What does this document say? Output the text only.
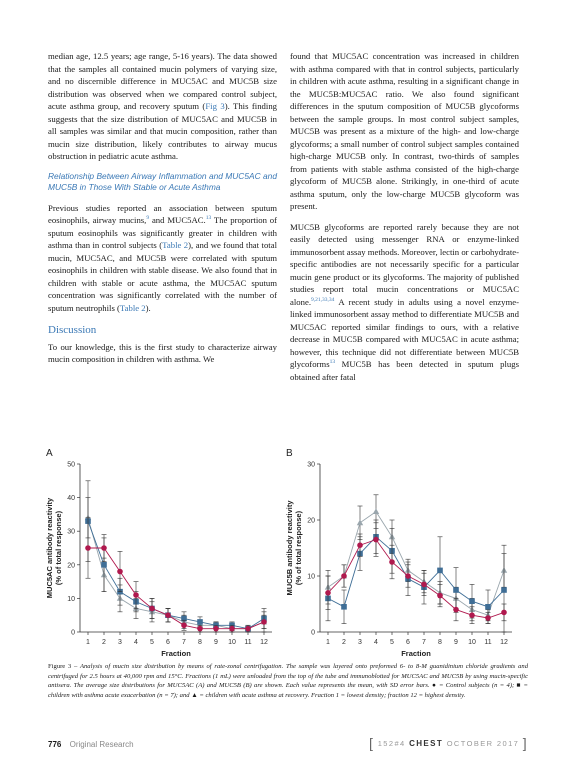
median age, 12.5 years; age range, 5-16 years). The data showed that the samples all contained mucin polymers of varying size, and no discernible difference in MUC5AC and MUC5B size distribution was observed when we compared control subject, acute asthma group, and recovery sputum (Fig 3). This finding suggests that the size distribution of MUC5AC and MUC5B in all samples was similar and that mucin composition, rather than mucin size distribution, likely contributes to airway mucus obstruction in pediatric acute asthma.

Relationship Between Airway Inflammation and MUC5AC and MUC5B in Those With Stable or Acute Asthma

Previous studies reported an association between sputum eosinophils, airway mucins,$^9$ and MUC5AC.$^{13}$ The proportion of sputum eosinophils was significantly greater in children with asthma than in control subjects (Table 2), and we found that total mucin, MUC5AC, and MUC5B were correlated with sputum eosinophils in children with stable disease. We also found that in children with stable or acute asthma, the MUC5AC sputum concentration was significantly correlated with the number of sputum neutrophils (Table 2).

Discussion

To our knowledge, this is the first study to characterize airway mucin composition in children with asthma. We

found that MUC5AC concentration was increased in children with asthma compared with that in control subjects, particularly in children with acute asthma, resulting in a significant change in the MUC5B:MUC5AC ratio. We also found significant differences in the sputum composition of MUC5B glycoforms between the sample groups. In most control subject samples, MUC5B was present as a mixture of the high- and low-charge glycoforms; a small number of control subject samples contained high-charge MUC5B only. In contrast, two-thirds of samples from patients with stable asthma consisted of the high-charge glycoform of MUC5B alone. Strikingly, in one-third of acute asthma sputum, only the low-charge MUC5B glycoform was present.

MUC5B glycoforms are reported rarely because they are not easily detected using messenger RNA or enzyme-linked immunosorbent assay methods. Moreover, lectin or carbohydrate-specific antibodies are not necessarily specific for a particular mucin gene product or its glycoforms. The majority of published studies report total mucin concentrations or MUC5AC alone.$^{9,21,33,34}$ A recent study in adults using a novel enzyme-linked immunosorbent assay method to differentiate MUC5B and MUC5AC reported similar findings to ours, with a relative decrease in MUC5B compared with MUC5AC in acute asthma; however, this technique did not differentiate between MUC5B glycoforms$^{13}$ MUC5B has been detected in sputum plugs obtained after fatal

A
0
10
20
30
40
50
1 2 3 4 5 6 7 8 9 10 11 12
Fraction
MUC5AC antibody reactivity (% of total response)
B
0
10
20
30
1 2 3 4 5 6 7 8 9 10 11 12
Fraction
MUC5B antibody reactivity (% of total response)
Figure 3 – Analysis of mucin size distribution by means of rate-zonal centrifugation. The sample was layered onto preformed 6- to 8-M guanidinium chloride gradients and centrifuged for 2.5 hours at 40,000 rpm and 15°C. Fractions (1 mL) were unloaded from the top of the tube and immunoblotted for MUC5AC and MUC5B by using mucin-specific antisera. The average size distributions for MUC5AC (A) and MUC5B (B) are shown. Each value represents the mean, with SD error bars. ● = Control subjects (n = 4); ■ = children with asthma acute exacerbation (n = 7); and ▲ = children with acute asthma at recovery. Fraction 1 = lowest density; fraction 12 = highest density.
776 Original Research	[ 152#4 CHEST OCTOBER 2017 ]
